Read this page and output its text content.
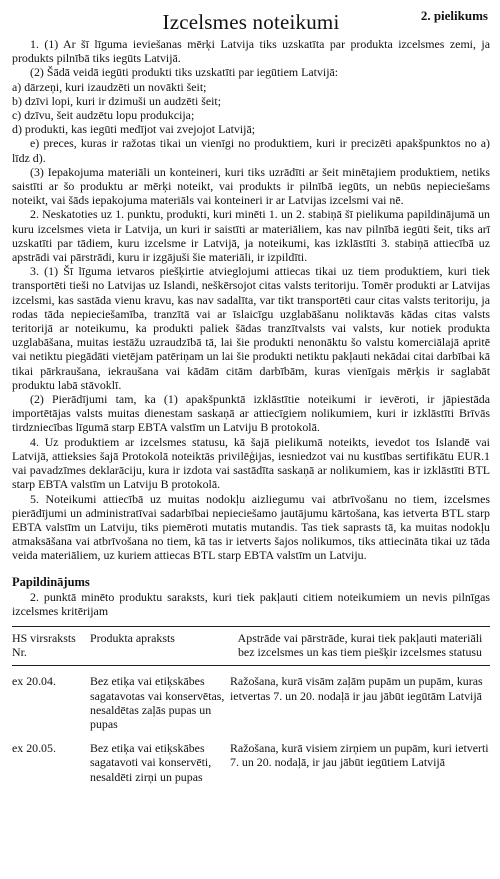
2. pielikums
Izcelsmes noteikumi

1. (1) Ar šī līguma ieviešanas mērķi Latvija tiks uzskatīta par produkta izcelsmes zemi, ja produkts pilnībā tiks iegūts Latvijā.

(2) Šādā veidā iegūti produkti tiks uzskatīti par iegūtiem Latvijā:

a) dārzeņi, kuri izaudzēti un novākti šeit;

b) dzīvi lopi, kuri ir dzimuši un audzēti šeit;

c) dzīvu, šeit audzētu lopu produkcija;

d) produkti, kas iegūti medījot vai zvejojot Latvijā;

e) preces, kuras ir ražotas tikai un vienīgi no produktiem, kuri ir precizēti apakšpunktos no a) līdz d).

(3) Iepakojuma materiāli un konteineri, kuri tiks uzrādīti ar šeit minētajiem produktiem, netiks saistīti ar šo produktu ar mērķi noteikt, vai produkts ir pilnībā iegūts, un nebūs nepieciešams noteikt, vai šāds iepakojuma materiāls vai konteineri ir ar Latvijas izcelsmi vai nē.

2. Neskatoties uz 1. punktu, produkti, kuri minēti 1. un 2. stabiņā šī pielikuma papildinājumā un kuru izcelsmes vieta ir Latvija, un kuri ir saistīti ar materiāliem, kas nav pilnībā iegūti šeit, tiks arī uzskatīti par tādiem, kuru izcelsme ir Latvijā, ja noteikumi, kas izklāstīti 3. stabiņā attiecībā uz apstrādi vai pārstrādi, kuru ir izgājuši šie materiāli, ir izpildīti.

3. (1) Šī līguma ietvaros piešķirtie atvieglojumi attiecas tikai uz tiem produktiem, kuri tiek transportēti tieši no Latvijas uz Islandi, neškērsojot citas valsts teritoriju. Tomēr produkti ar Latvijas izcelsmi, kas sastāda vienu kravu, kas nav sadalīta, var tikt transportēti caur citas valsts teritoriju, ja rodas tāda nepieciešamība, tranzītā vai ar īslaicīgu uzglabāšanu noliktavās kādas citas valsts teritorijā ar noteikumu, ka produkti paliek šādas tranzītvalsts vai valsts, kur notiek produkta uzglabāšana, muitas iestāžu uzraudzībā tā, lai šie produkti nenonāktu šo valstu komerciālajā apritē vai netiktu piegādāti vietējam patēriņam un lai šie produkti netiktu pakļauti nekādai citai darbībai kā tikai pārkraušana, iekraušana vai kādām citām darbībām, kuras vienīgais mērķis ir saglabāt produktu labā stāvoklī.

(2) Pierādījumi tam, ka (1) apakšpunktā izklāstītie noteikumi ir ievēroti, ir jāpiestāda importētājas valsts muitas dienestam saskaņā ar attiecīgiem nolikumiem, kuri ir izklāstīti Brīvās tirdzniecības līgumā starp EBTA valstīm un Latviju B protokolā.

4. Uz produktiem ar izcelsmes statusu, kā šajā pielikumā noteikts, ievedot tos Islandē vai Latvijā, attieksies šajā Protokolā noteiktās privilēģijas, iesniedzot vai nu kustības sertifikātu EUR.1 vai pavadzīmes deklarāciju, kura ir izdota vai sastādīta saskaņā ar nolikumiem, kas ir izklāstīti BTL starp EBTA valstīm un Latviju B protokolā.

5. Noteikumi attiecībā uz muitas nodokļu aizliegumu vai atbrīvošanu no tiem, izcelsmes pierādījumi un administratīvai sadarbībai nepieciešamo jautājumu kārtošana, kas ietverta BTL starp EBTA valstīm un Latviju, tiks piemēroti mutatis mutandis. Tas tiek saprasts tā, ka muitas nodokļu atmaksāšana vai atbrīvošana no tiem, kā tas ir ietverts šajos nolikumos, tiks attiecināta tikai uz tāda veida materiāliem, uz kuriem attiecas BTL starp EBTA valstīm un Latviju.

Papildinājums

2. punktā minēto produktu saraksts, kuri tiek pakļauti citiem noteikumiem un nevis pilnīgas izcelsmes kritērijam

HS virsraksts Nr.	Produkta apraksts	Apstrāde vai pārstrāde, kurai tiek pakļauti materiāli bez izcelsmes un kas tiem piešķir izcelsmes statusu

ex 20.04.	Bez etiķa vai etiķskābes sagatavotas vai konservētas, nesaldētas zaļās pupas un pupas	Ražošana, kurā visām zaļām pupām un pupām, kuras ietvertas 7. un 20. nodaļā ir jau jābūt iegūtām Latvijā
ex 20.05.	Bez etiķa vai etiķskābes sagatavoti vai konservēti, nesaldēti zirņi un pupas	Ražošana, kurā visiem zirņiem un pupām, kuri ietverti 7. un 20. nodaļā, ir jau jābūt iegūtiem Latvijā
